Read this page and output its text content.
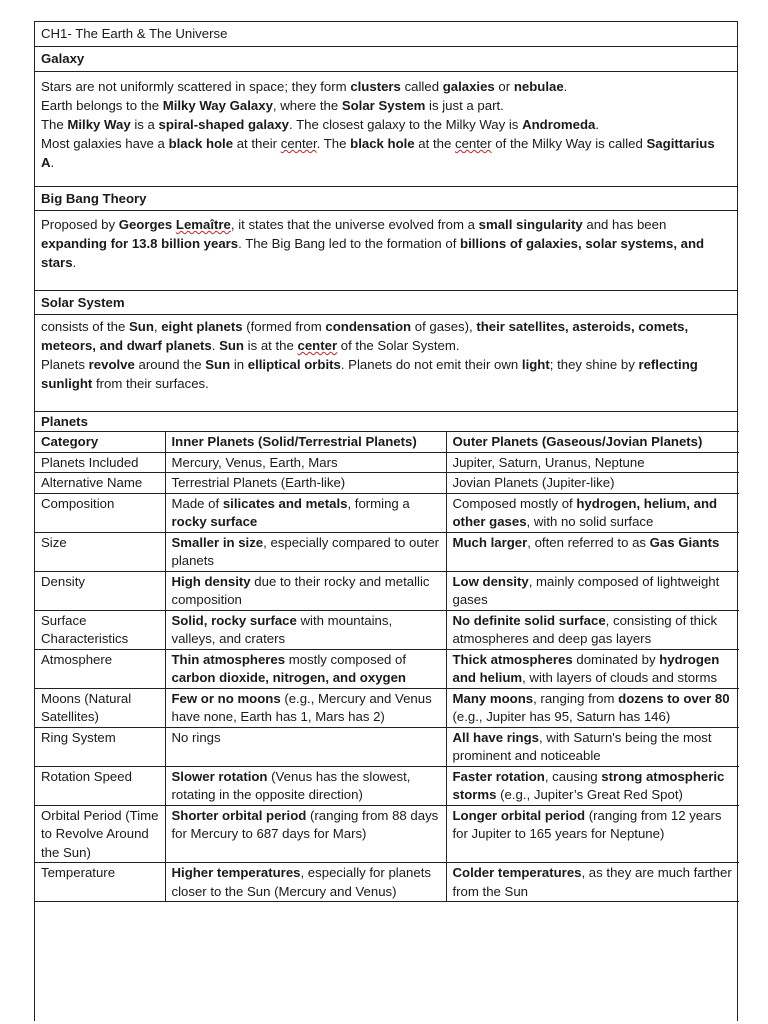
CH1- The Earth & The Universe
Galaxy

Stars are not uniformly scattered in space; they form clusters called galaxies or nebulae.

Earth belongs to the Milky Way Galaxy, where the Solar System is just a part.

The Milky Way is a spiral-shaped galaxy. The closest galaxy to the Milky Way is Andromeda.

Most galaxies have a black hole at their center. The black hole at the center of the Milky Way is called Sagittarius A.

Big Bang Theory

Proposed by Georges Lemaître, it states that the universe evolved from a small singularity and has been expanding for 13.8 billion years. The Big Bang led to the formation of billions of galaxies, solar systems, and stars.

Solar System

consists of the Sun, eight planets (formed from condensation of gases), their satellites, asteroids, comets, meteors, and dwarf planets. Sun is at the center of the Solar System.

Planets revolve around the Sun in elliptical orbits. Planets do not emit their own light; they shine by reflecting sunlight from their surfaces.

Planets
Category	Inner Planets (Solid/Terrestrial Planets)	Outer Planets (Gaseous/Jovian Planets)
Planets Included	Mercury, Venus, Earth, Mars	Jupiter, Saturn, Uranus, Neptune
Alternative Name	Terrestrial Planets (Earth-like)	Jovian Planets (Jupiter-like)
Composition	Made of silicates and metals, forming a rocky surface	Composed mostly of hydrogen, helium, and other gases, with no solid surface
Size	Smaller in size, especially compared to outer planets	Much larger, often referred to as Gas Giants
Density	High density due to their rocky and metallic composition	Low density, mainly composed of lightweight gases
Surface Characteristics	Solid, rocky surface with mountains, valleys, and craters	No definite solid surface, consisting of thick atmospheres and deep gas layers
Atmosphere	Thin atmospheres mostly composed of carbon dioxide, nitrogen, and oxygen	Thick atmospheres dominated by hydrogen and helium, with layers of clouds and storms
Moons (Natural Satellites)	Few or no moons (e.g., Mercury and Venus have none, Earth has 1, Mars has 2)	Many moons, ranging from dozens to over 80 (e.g., Jupiter has 95, Saturn has 146)
Ring System	No rings	All have rings, with Saturn's being the most prominent and noticeable
Rotation Speed	Slower rotation (Venus has the slowest, rotating in the opposite direction)	Faster rotation, causing strong atmospheric storms (e.g., Jupiter’s Great Red Spot)
Orbital Period (Time to Revolve Around the Sun)	Shorter orbital period (ranging from 88 days for Mercury to 687 days for Mars)	Longer orbital period (ranging from 12 years for Jupiter to 165 years for Neptune)
Temperature	Higher temperatures, especially for planets closer to the Sun (Mercury and Venus)	Colder temperatures, as they are much farther from the Sun
